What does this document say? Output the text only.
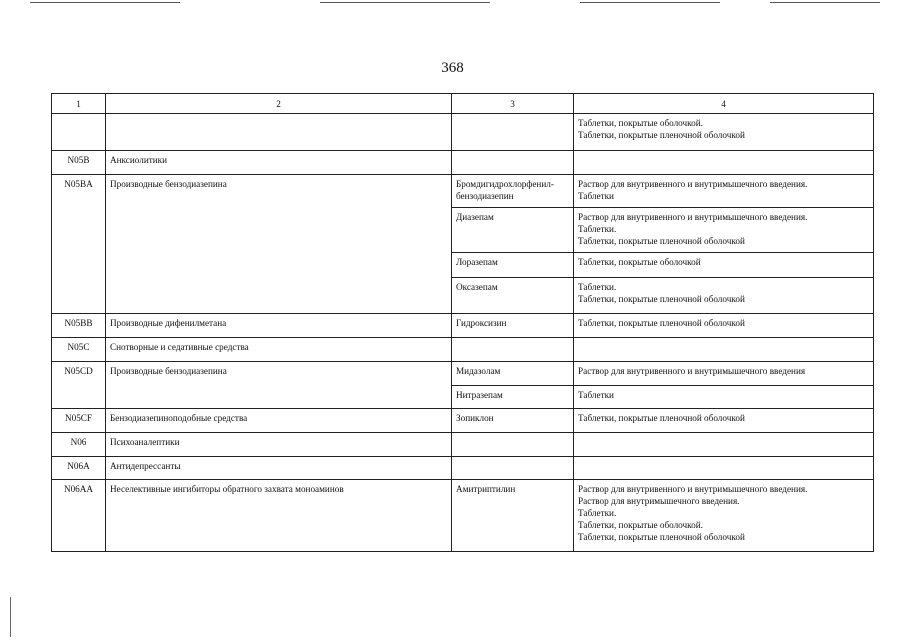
368
1	2	3	4
			Таблетки, покрытые оболочкой.
Таблетки, покрытые пленочной оболочкой
N05B	Анксиолитики		
N05BA	Производные бензодиазепина	Бромдигидрохлорфенил-
бензодиазепин	Раствор для внутривенного и внутримышечного введения.
Таблетки
		Диазепам	Раствор для внутривенного и внутримышечного введения.
Таблетки.
Таблетки, покрытые пленочной оболочкой
		Лоразепам	Таблетки, покрытые оболочкой
		Оксазепам	Таблетки.
Таблетки, покрытые пленочной оболочкой
N05BB	Производные дифенилметана	Гидроксизин	Таблетки, покрытые пленочной оболочкой
N05C	Снотворные и седативные средства		
N05CD	Производные бензодиазепина	Мидазолам	Раствор для внутривенного и внутримышечного введения
		Нитразепам	Таблетки
N05CF	Бензодиазепиноподобные средства	Зопиклон	Таблетки, покрытые пленочной оболочкой
N06	Психоаналептики		
N06A	Антидепрессанты		
N06AA	Неселективные ингибиторы обратного захвата моноаминов	Амитриптилин	Раствор для внутривенного и внутримышечного введения.
Раствор для внутримышечного введения.
Таблетки.
Таблетки, покрытые оболочкой.
Таблетки, покрытые пленочной оболочкой
